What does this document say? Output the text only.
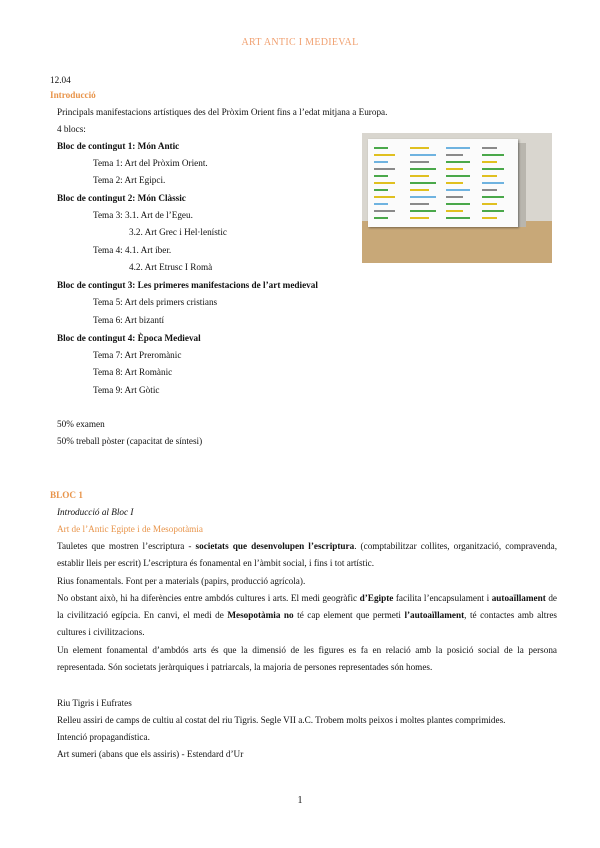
ART ANTIC I MEDIEVAL
12.04
Introducció
Principals manifestacions artístiques des del Pròxim Orient fins a l’edat mitjana a Europa.
4 blocs:
Bloc de contingut 1: Món Antic
Tema 1: Art del Pròxim Orient.
Tema 2: Art Egipci.
Bloc de contingut 2: Món Clàssic
Tema 3: 3.1. Art de l’Egeu.
3.2. Art Grec i Hel·lenístic
Tema 4: 4.1. Art íber.
4.2. Art Etrusc I Romà
Bloc de contingut 3: Les primeres manifestacions de l’art medieval
Tema 5: Art dels primers cristians
Tema 6: Art bizantí
Bloc de contingut 4: Època Medieval
Tema 7: Art Preromànic
Tema 8: Art Romànic
Tema 9: Art Gòtic
50% examen
50% treball pòster (capacitat de síntesi)
BLOC 1
Introducció al Bloc I
Art de l’Antic Egipte i de Mesopotàmia
Tauletes que mostren l’escriptura - societats que desenvolupen l’escriptura. (comptabilitzar collites, organització, compravenda, establir lleis per escrit) L’escriptura és fonamental en l’àmbit social, i fins i tot artístic.
Rius fonamentals. Font per a materials (papirs, producció agrícola).
No obstant això, hi ha diferències entre ambdós cultures i arts. El medi geogràfic d’Egipte facilita l’encapsulament i autoaïllament de la civilització egípcia. En canvi, el medi de Mesopotàmia no té cap element que permeti l’autoaïllament, té contactes amb altres cultures i civilitzacions.
Un element fonamental d’ambdós arts és que la dimensió de les figures es fa en relació amb la posició social de la persona representada. Són societats jeràrquiques i patriarcals, la majoria de persones representades són homes.
Riu Tigris i Eufrates
Relleu assiri de camps de cultiu al costat del riu Tigris. Segle VII a.C. Trobem molts peixos i moltes plantes comprimides.
Intenció propagandística.
Art sumeri (abans que els assiris) - Estendard d’Ur
1
